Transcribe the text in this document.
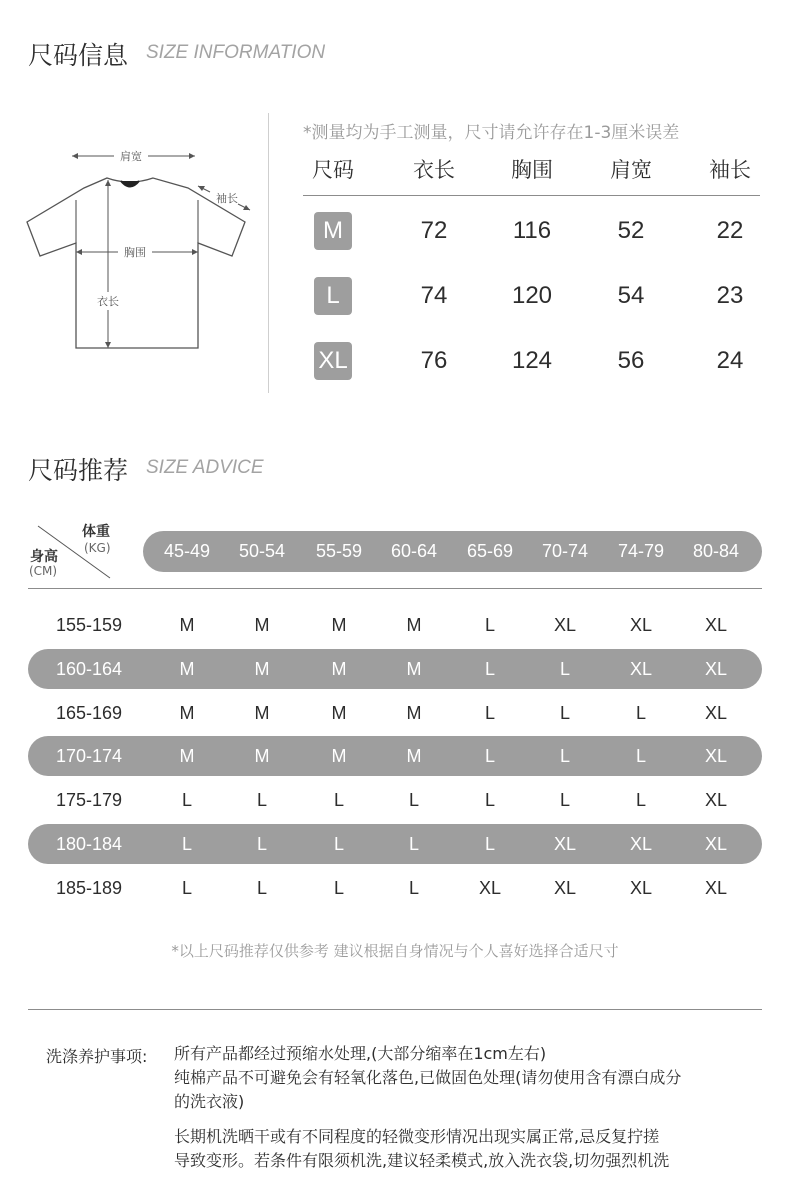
尺码信息 SIZE INFORMATION
肩宽
袖长
胸围
衣长
*测量均为手工测量，尺寸请允许存在1-3厘米误差
尺码	衣长	胸围	肩宽	袖长
M	72	116	52	22
L	74	120	54	23
XL	76	124	56	24
尺码推荐 SIZE ADVICE
体重
(KG)
身高
(CM)
45-49 50-54 55-59 60-64 65-69 70-74 74-79 80-84
155-159	M	M	M	M	L	XL	XL	XL
160-164	M	M	M	M	L	L	XL	XL
165-169	M	M	M	M	L	L	L	XL
170-174	M	M	M	M	L	L	L	XL
175-179	L	L	L	L	L	L	L	XL
180-184	L	L	L	L	L	XL	XL	XL
185-189	L	L	L	L	XL	XL	XL	XL
*以上尺码推荐仅供参考 建议根据自身情况与个人喜好选择合适尺寸
洗涤养护事项: 所有产品都经过预缩水处理,(大部分缩率在1cm左右)
纯棉产品不可避免会有轻氧化落色,已做固色处理(请勿使用含有漂白成分
的洗衣液)
长期机洗晒干或有不同程度的轻微变形情况出现实属正常,忌反复拧搓
导致变形。若条件有限须机洗,建议轻柔模式,放入洗衣袋,切勿强烈机洗
